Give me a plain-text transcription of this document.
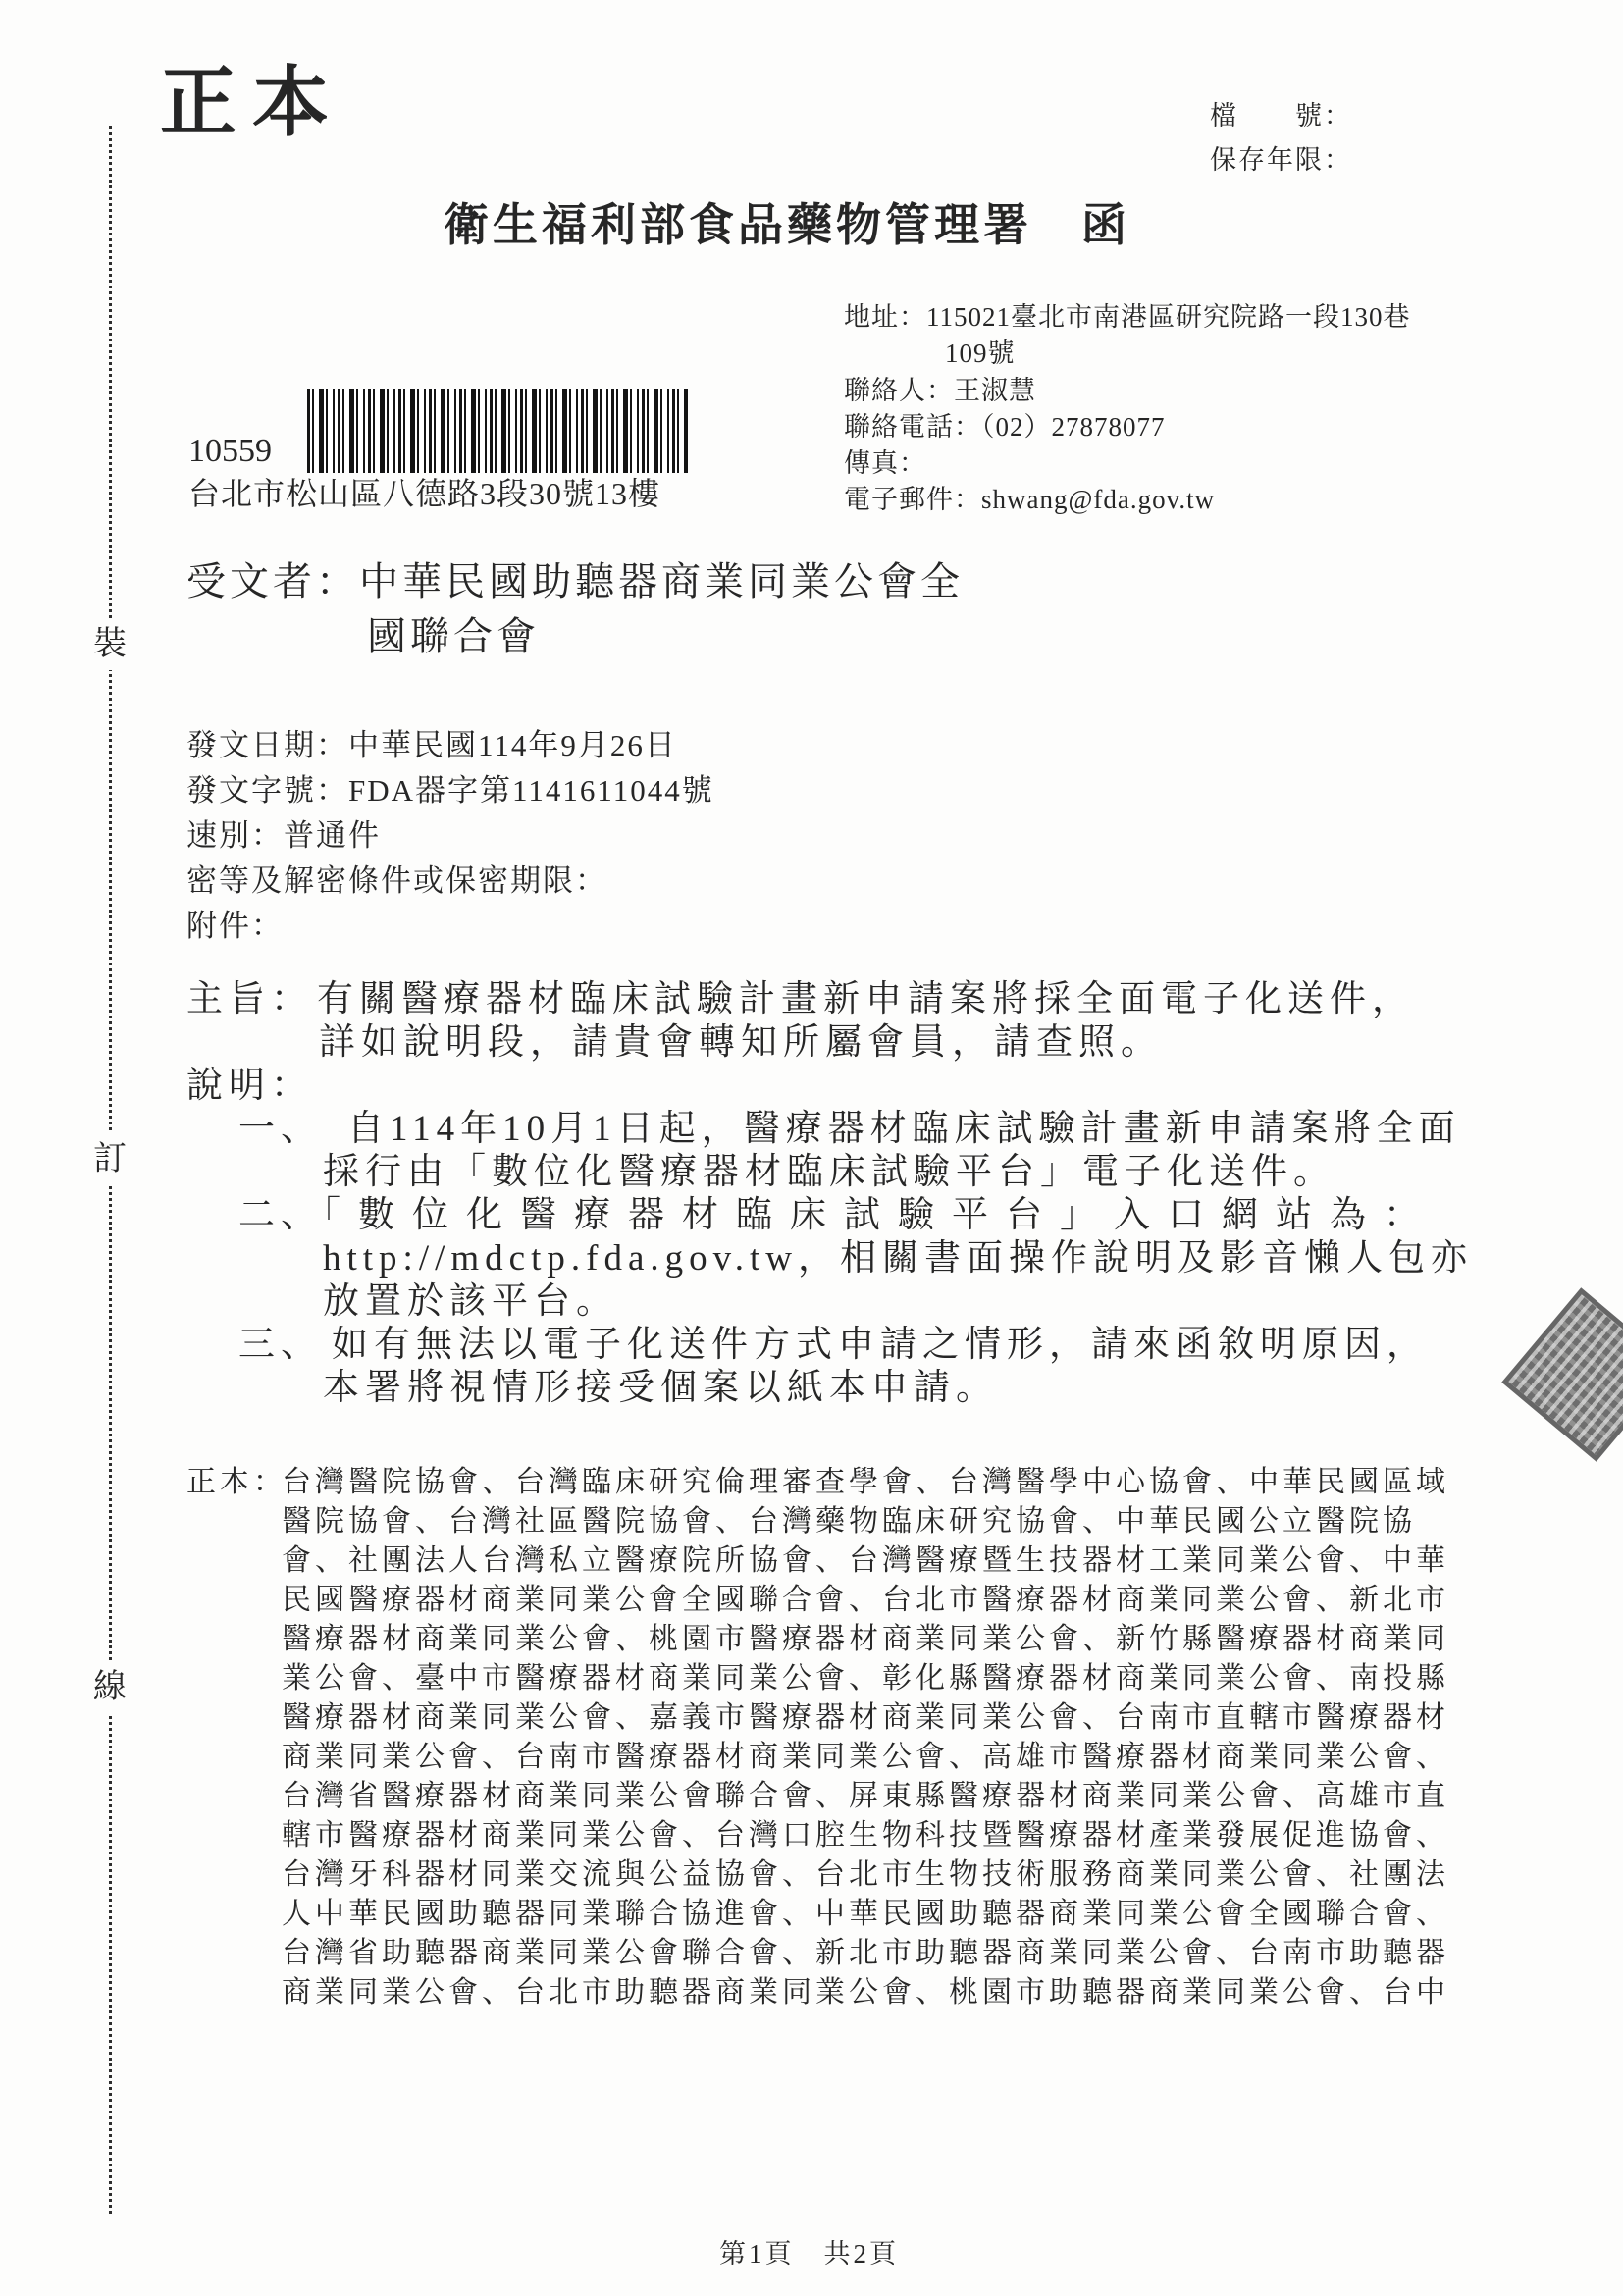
裝
訂
線
正本	檔　　號：
保存年限：
衛生福利部食品藥物管理署　函
地址：115021臺北市南港區研究院路一段130巷
109號
聯絡人：王淑慧
聯絡電話：（02）27878077
傳真：
電子郵件：shwang@fda.gov.tw
10559
台北市松山區八德路3段30號13樓
受文者：中華民國助聽器商業同業公會全
國聯合會
發文日期：中華民國114年9月26日
發文字號：FDA器字第1141611044號
速別：普通件
密等及解密條件或保密期限：
附件：
主旨： 有關醫療器材臨床試驗計畫新申請案將採全面電子化送件，
詳如說明段，請貴會轉知所屬會員，請查照。
說明：
一、 自114年10月1日起，醫療器材臨床試驗計畫新申請案將全面
採行由「數位化醫療器材臨床試驗平台」電子化送件。
二、
「數位化醫療器材臨床試驗平台」入口網站為：
http://mdctp.fda.gov.tw，相關書面操作說明及影音懶人包亦
放置於該平台。
三、 如有無法以電子化送件方式申請之情形，請來函敘明原因，
本署將視情形接受個案以紙本申請。
正本：
台灣醫院協會、台灣臨床研究倫理審查學會、台灣醫學中心協會、中華民國區域
醫院協會、台灣社區醫院協會、台灣藥物臨床研究協會、中華民國公立醫院協
會、社團法人台灣私立醫療院所協會、台灣醫療暨生技器材工業同業公會、中華
民國醫療器材商業同業公會全國聯合會、台北市醫療器材商業同業公會、新北市
醫療器材商業同業公會、桃園市醫療器材商業同業公會、新竹縣醫療器材商業同
業公會、臺中市醫療器材商業同業公會、彰化縣醫療器材商業同業公會、南投縣
醫療器材商業同業公會、嘉義市醫療器材商業同業公會、台南市直轄市醫療器材
商業同業公會、台南市醫療器材商業同業公會、高雄市醫療器材商業同業公會、
台灣省醫療器材商業同業公會聯合會、屏東縣醫療器材商業同業公會、高雄市直
轄市醫療器材商業同業公會、台灣口腔生物科技暨醫療器材產業發展促進協會、
台灣牙科器材同業交流與公益協會、台北市生物技術服務商業同業公會、社團法
人中華民國助聽器同業聯合協進會、中華民國助聽器商業同業公會全國聯合會、
台灣省助聽器商業同業公會聯合會、新北市助聽器商業同業公會、台南市助聽器
商業同業公會、台北市助聽器商業同業公會、桃園市助聽器商業同業公會、台中
第1頁　共2頁
